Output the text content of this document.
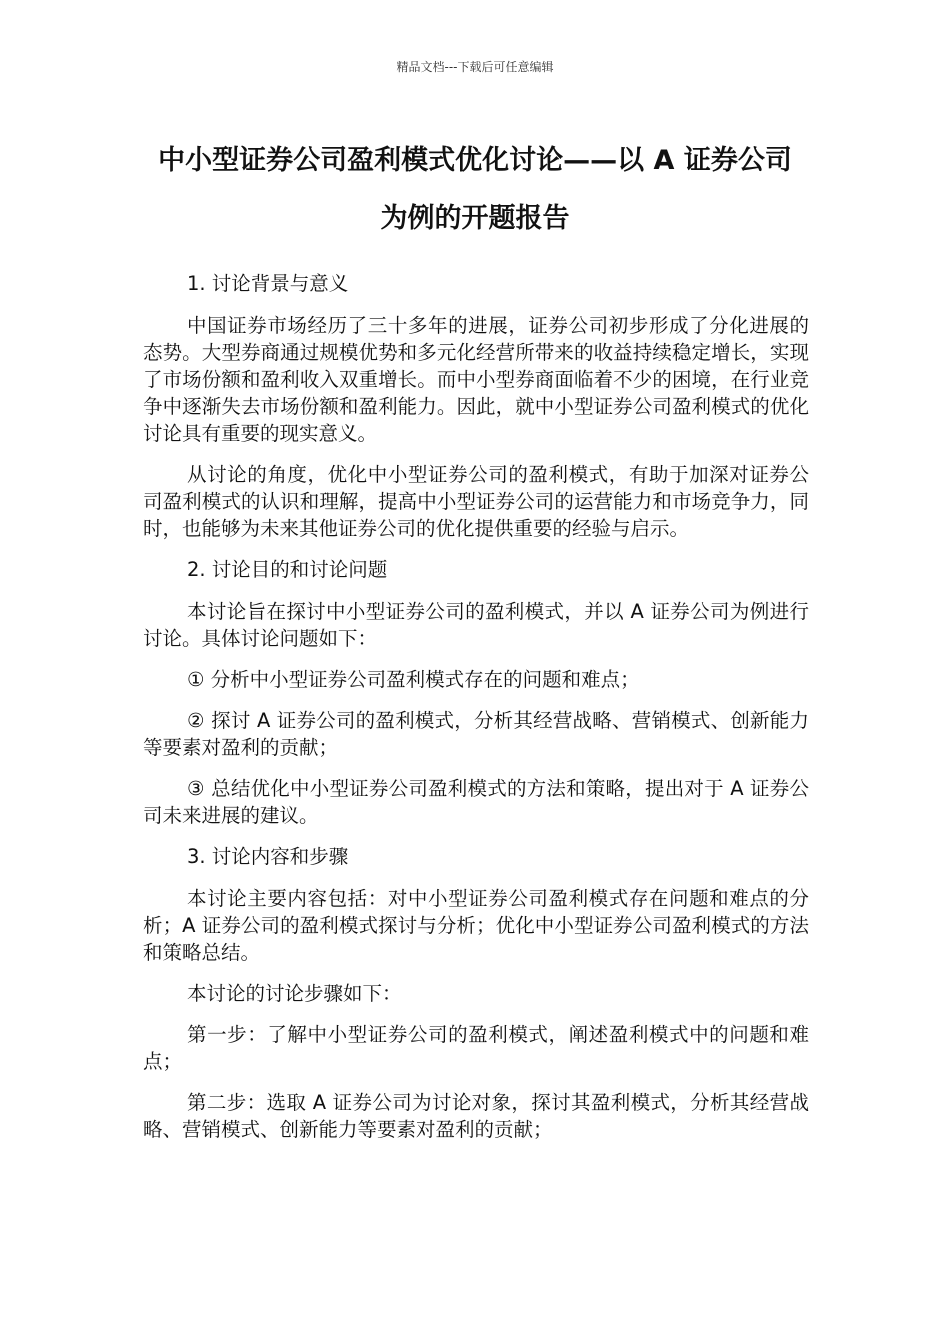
精品文档---下载后可任意编辑
中小型证券公司盈利模式优化讨论——以 A 证券公司
为例的开题报告

1. 讨论背景与意义

中国证券市场经历了三十多年的进展，证券公司初步形成了分化进展的态势。大型券商通过规模优势和多元化经营所带来的收益持续稳定增长，实现了市场份额和盈利收入双重增长。而中小型券商面临着不少的困境，在行业竞争中逐渐失去市场份额和盈利能力。因此，就中小型证券公司盈利模式的优化讨论具有重要的现实意义。

从讨论的角度，优化中小型证券公司的盈利模式，有助于加深对证券公司盈利模式的认识和理解，提高中小型证券公司的运营能力和市场竞争力，同时，也能够为未来其他证券公司的优化提供重要的经验与启示。

2. 讨论目的和讨论问题

本讨论旨在探讨中小型证券公司的盈利模式，并以 A 证券公司为例进行讨论。具体讨论问题如下：

① 分析中小型证券公司盈利模式存在的问题和难点；

② 探讨 A 证券公司的盈利模式，分析其经营战略、营销模式、创新能力等要素对盈利的贡献；

③ 总结优化中小型证券公司盈利模式的方法和策略，提出对于 A 证券公司未来进展的建议。

3. 讨论内容和步骤

本讨论主要内容包括：对中小型证券公司盈利模式存在问题和难点的分析；A 证券公司的盈利模式探讨与分析；优化中小型证券公司盈利模式的方法和策略总结。

本讨论的讨论步骤如下：

第一步：了解中小型证券公司的盈利模式，阐述盈利模式中的问题和难点；

第二步：选取 A 证券公司为讨论对象，探讨其盈利模式，分析其经营战略、营销模式、创新能力等要素对盈利的贡献；
